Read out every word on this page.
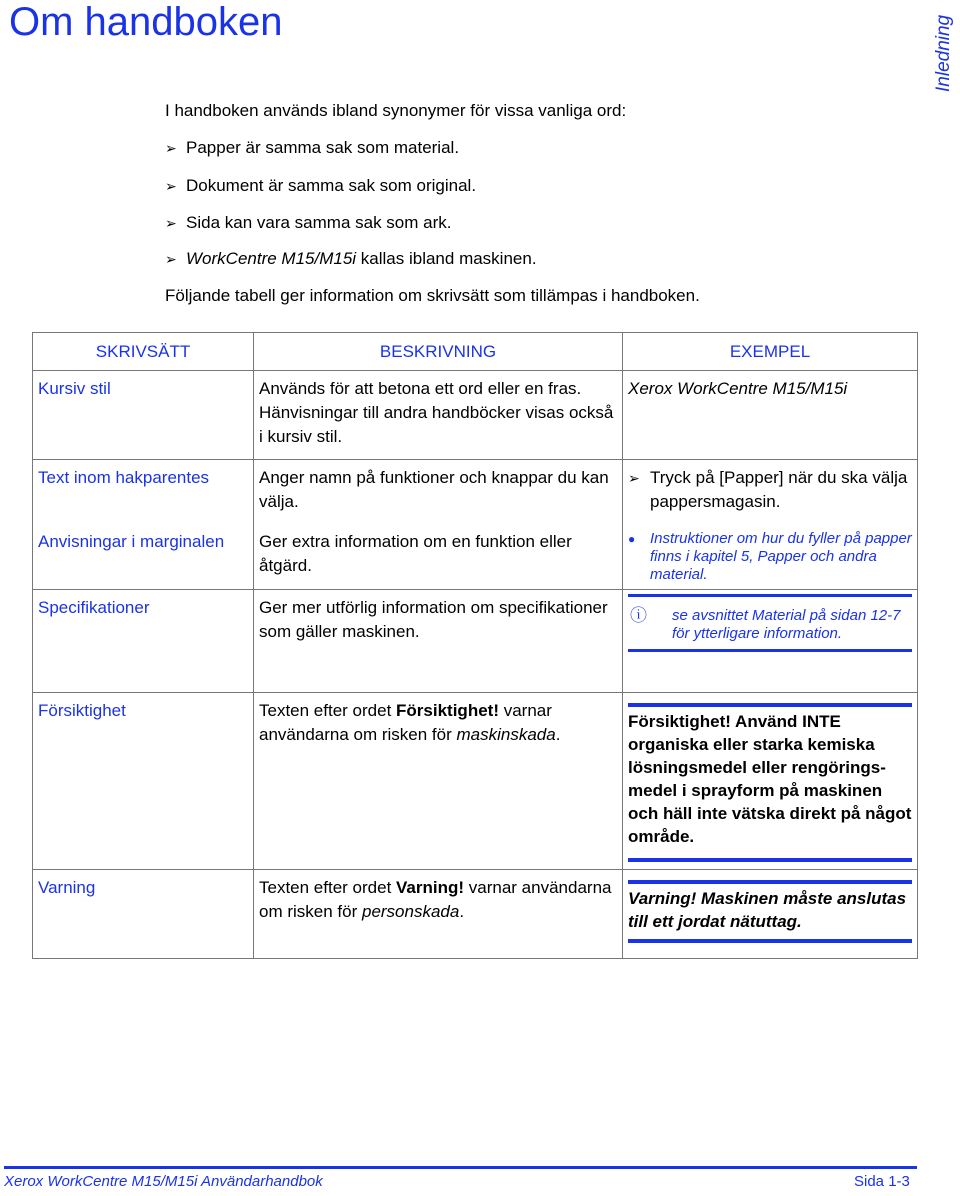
Om handboken	Inledning
I handboken används ibland synonymer för vissa vanliga ord:
➢ Papper är samma sak som material.
➢ Dokument är samma sak som original.
➢ Sida kan vara samma sak som ark.
➢ WorkCentre M15/M15i kallas ibland maskinen.
Följande tabell ger information om skrivsätt som tillämpas i handboken.
SKRIVSÄTT	BESKRIVNING	EXEMPEL
Kursiv stil	Används för att betona ett ord eller en fras. Hänvisningar till andra handböcker visas också i kursiv stil.	Xerox WorkCentre M15/M15i
Text inom hakparentes	Anger namn på funktioner och knappar du kan välja.	➢ Tryck på [Papper] när du ska välja pappersmagasin.

Anvisningar i marginalen	Ger extra information om en funktion eller åtgärd.	● Instruktioner om hur du fyller på papper finns i kapitel 5, Papper och andra material.

Specifikationer	Ger mer utförlig information om specifikationer som gäller maskinen.	ⓘ se avsnittet Material på sidan 12-7 för ytterligare information.

Försiktighet	Texten efter ordet Försiktighet! varnar användarna om risken för maskinskada.	Försiktighet! Använd INTE organiska eller starka kemiska lösningsmedel eller rengörings-medel i sprayform på maskinen och häll inte vätska direkt på något område.

Varning	Texten efter ordet Varning! varnar användarna om risken för personskada.	Varning! Maskinen måste anslutas till ett jordat nätuttag.
Xerox WorkCentre M15/M15i Användarhandbok	Sida 1-3
